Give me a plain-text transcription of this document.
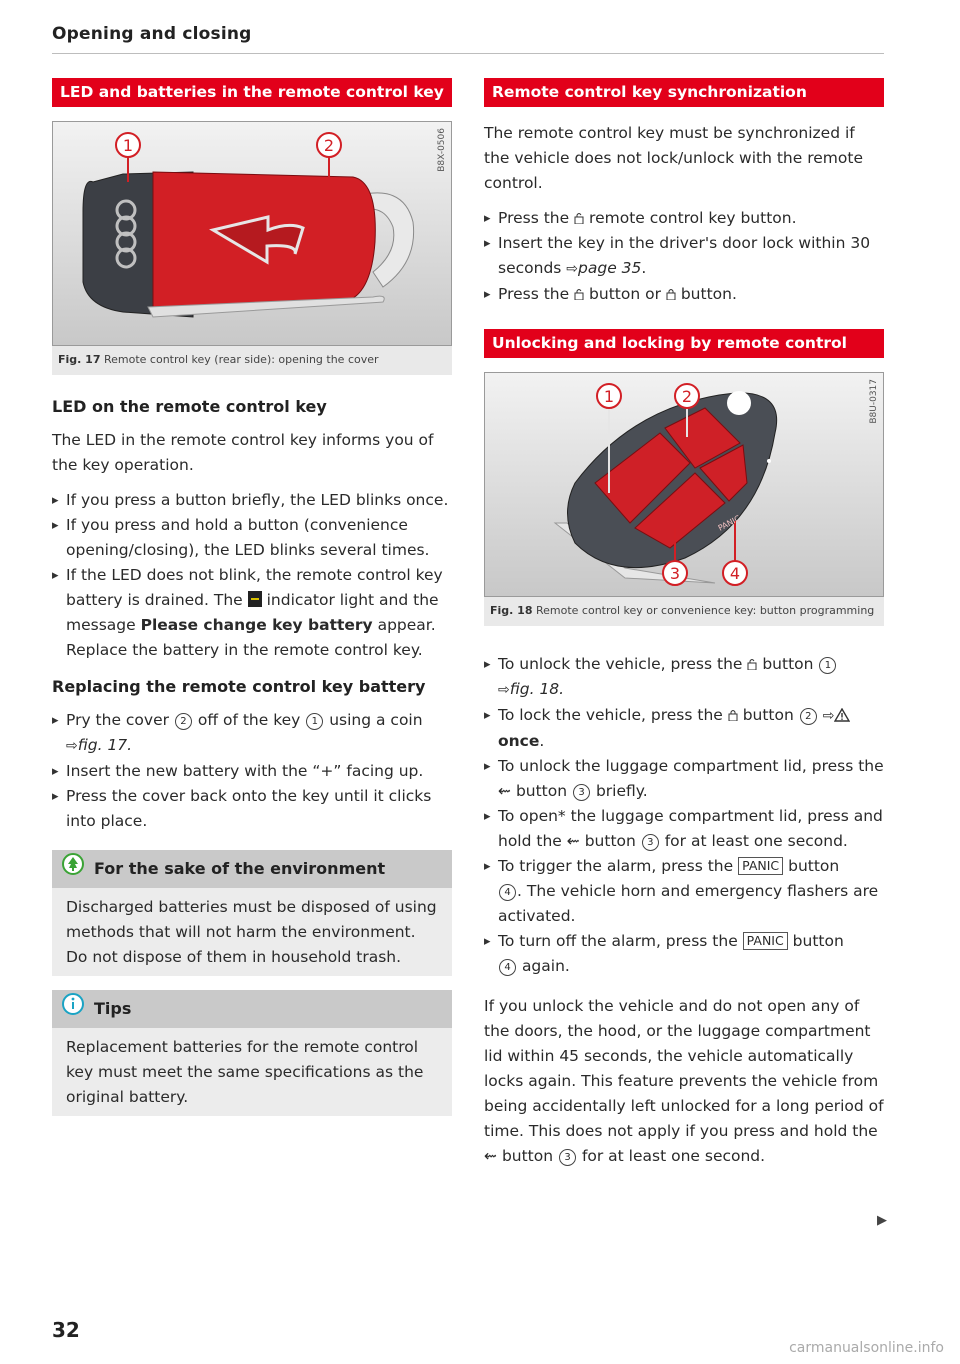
Opening and closing
LED and batteries in the remote control key
1	2	B8X-0506
Fig. 17 Remote control key (rear side): opening the cover
LED on the remote control key

The LED in the remote control key informs you of the key operation.

▸ If you press a button briefly, the LED blinks once.
▸ If you press and hold a button (convenience opening/closing), the LED blinks several times.
▸ If the LED does not blink, the remote control key battery is drained. The indicator light and the message Please change key battery appear. Replace the battery in the remote control key.
Replacing the remote control key battery
▸ Pry the cover 2 off of the key 1 using a coin
⇨fig. 17.
▸ Insert the new battery with the “+” facing up.
▸ Press the cover back onto the key until it clicks into place.
For the sake of the environment

Discharged batteries must be disposed of using methods that will not harm the environment. Do not dispose of them in household trash.

Tips

Replacement batteries for the remote control key must meet the same specifications as the original battery.

Remote control key synchronization

The remote control key must be synchronized if the vehicle does not lock/unlock with the remote control.

▸ Press the remote control key button.
▸ Insert the key in the driver's door lock within 30 seconds ⇨page 35.
▸ Press the button or button.
Unlocking and locking by remote control
1	2
3	4
PANIC
B8U-0317
Fig. 18 Remote control key or convenience key: button programming
▸ To unlock the vehicle, press the button 1
⇨fig. 18.
▸ To lock the vehicle, press the button 2 ⇨
once.
▸ To unlock the luggage compartment lid, press the ⇜ button 3 briefly.
▸ To open* the luggage compartment lid, press and hold the ⇜ button 3 for at least one second.
▸ To trigger the alarm, press the PANIC button
4 . The vehicle horn and emergency flashers are activated.
▸ To turn off the alarm, press the PANIC button
4 again.

If you unlock the vehicle and do not open any of the doors, the hood, or the luggage compartment lid within 45 seconds, the vehicle automatically locks again. This feature prevents the vehicle from being accidentally left unlocked for a long period of time. This does not apply if you press and hold the ⇜ button 3 for at least one second.

▶
32
carmanualsonline.info
